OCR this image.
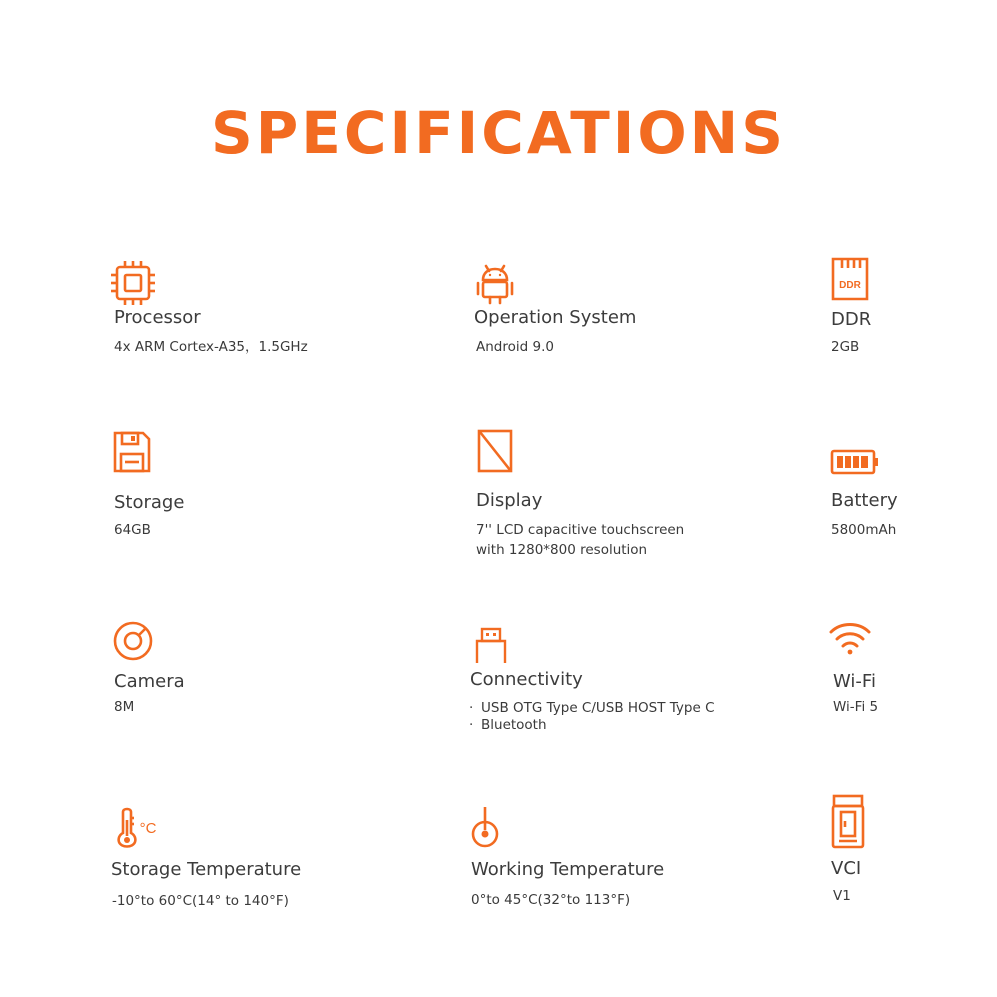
SPECIFICATIONS
Processor
4x ARM Cortex-A35，1.5GHz
Operation System
Android 9.0
DDR
DDR
2GB
Storage
64GB
Display
7'' LCD capacitive touchscreen
with 1280*800 resolution
Battery
5800mAh
Camera
8M
Connectivity
· USB OTG Type C/USB HOST Type C
· Bluetooth
Wi-Fi
Wi-Fi 5
°C
Storage Temperature
-10°to 60°C(14° to 140°F)
Working Temperature
0°to 45°C(32°to 113°F)
VCI
V1
